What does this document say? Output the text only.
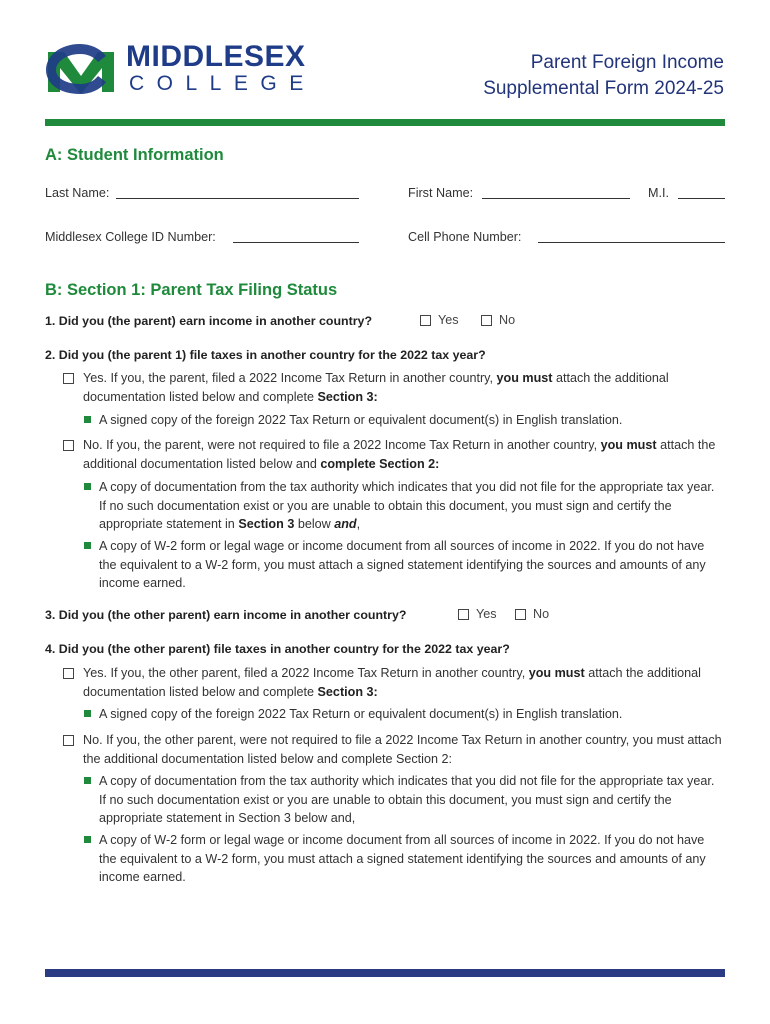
MIDDLESEX
COLLEGE
Parent Foreign Income
Supplemental Form 2024-25
A: Student Information
Last Name:	First Name:	M.I.
Middlesex College ID Number:	Cell Phone Number:
B: Section 1: Parent Tax Filing Status
1. Did you (the parent) earn income in another country?	Yes	No
2. Did you (the parent 1) file taxes in another country for the 2022 tax year?
Yes. If you, the parent, filed a 2022 Income Tax Return in another country, you must attach the additional documentation listed below and complete Section 3:
A signed copy of the foreign 2022 Tax Return or equivalent document(s) in English translation.
No. If you, the parent, were not required to file a 2022 Income Tax Return in another country, you must attach the additional documentation listed below and complete Section 2:
A copy of documentation from the tax authority which indicates that you did not file for the appropriate tax year. If no such documentation exist or you are unable to obtain this document, you must sign and certify the appropriate statement in Section 3 below and,
A copy of W-2 form or legal wage or income document from all sources of income in 2022. If you do not have the equivalent to a W-2 form, you must attach a signed statement identifying the sources and amounts of any income earned.
3. Did you (the other parent) earn income in another country?	Yes	No
4. Did you (the other parent) file taxes in another country for the 2022 tax year?
Yes. If you, the other parent, filed a 2022 Income Tax Return in another country, you must attach the additional documentation listed below and complete Section 3:
A signed copy of the foreign 2022 Tax Return or equivalent document(s) in English translation.
No. If you, the other parent, were not required to file a 2022 Income Tax Return in another country, you must attach the additional documentation listed below and complete Section 2:
A copy of documentation from the tax authority which indicates that you did not file for the appropriate tax year. If no such documentation exist or you are unable to obtain this document, you must sign and certify the appropriate statement in Section 3 below and,
A copy of W-2 form or legal wage or income document from all sources of income in 2022. If you do not have the equivalent to a W-2 form, you must attach a signed statement identifying the sources and amounts of any income earned.
